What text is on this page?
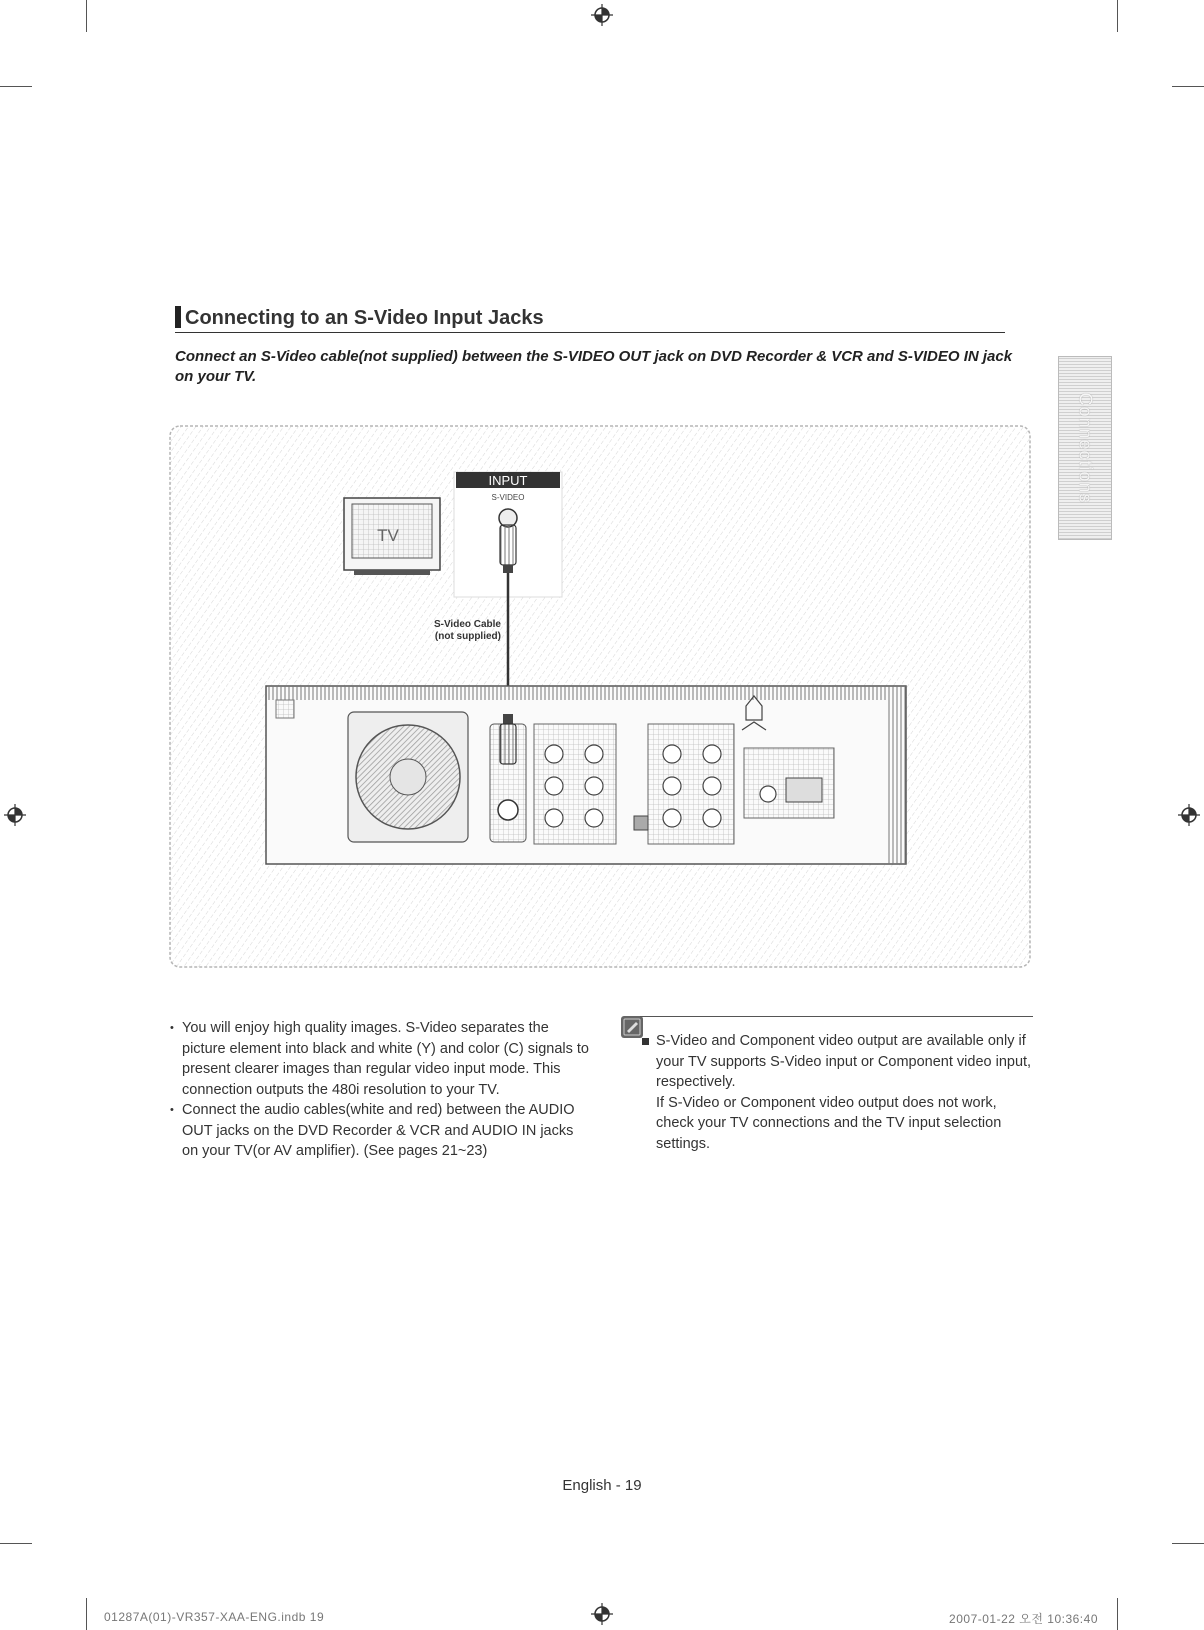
Connecting to an S-Video Input Jacks
Connect an S-Video cable(not supplied) between the S-VIDEO OUT jack on DVD Recorder & VCR and S-VIDEO IN jack on your TV.
Connections
TV
INPUT
S-VIDEO
S-Video Cable
(not supplied)
• You will enjoy high quality images. S-Video separates the picture element into black and white (Y) and color (C) signals to present clearer images than regular video input mode. This connection outputs the 480i resolution to your TV.
• Connect the audio cables(white and red) between the AUDIO OUT jacks on the DVD Recorder & VCR and AUDIO IN jacks on your TV(or AV amplifier). (See pages 21~23)
S-Video and Component video output are available only if your TV supports S-Video input or Component video input, respectively.
If S-Video or Component video output does not work, check your TV connections and the TV input selection settings.
English - 19
01287A(01)-VR357-XAA-ENG.indb 19	2007-01-22 오전 10:36:40
